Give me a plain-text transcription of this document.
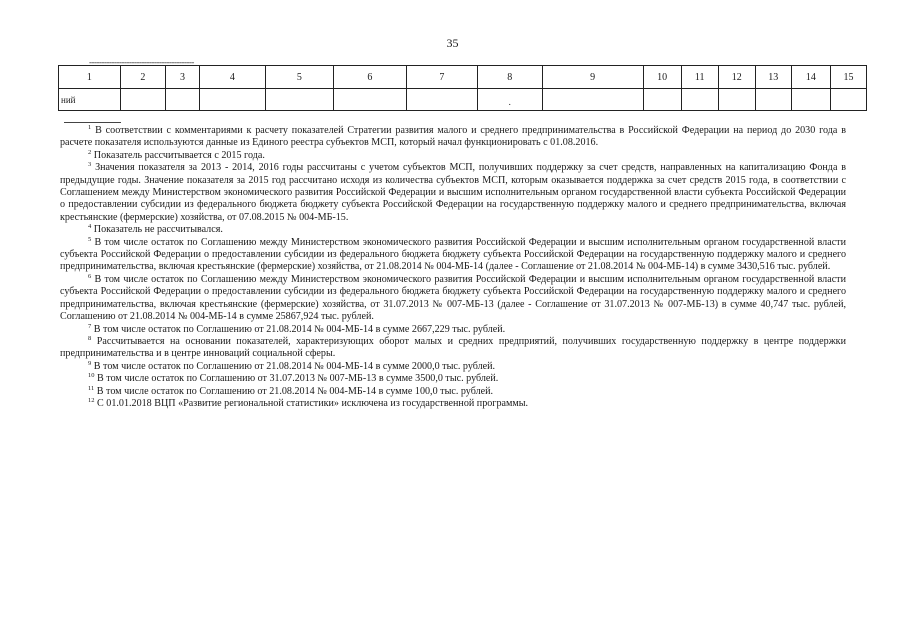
35
------------------------------------------
1	2	3	4	5	6	7	8	9	10	11	12	13	14	15
ний							.							

$^1$ В соответствии с комментариями к расчету показателей Стратегии развития малого и среднего предпринимательства в Российской Федерации на период до 2030 года в расчете показателя используются данные из Единого реестра субъектов МСП, который начал функционировать с 01.08.2016.

$^2$ Показатель рассчитывается с 2015 года.

$^3$ Значения показателя за 2013 - 2014, 2016 годы рассчитаны с учетом субъектов МСП, получивших поддержку за счет средств, направленных на капитализацию Фонда в предыдущие годы. Значение показателя за 2015 год рассчитано исходя из количества субъектов МСП, которым оказывается поддержка за счет средств 2015 года, в соответствии с Соглашением между Министерством экономического развития Российской Федерации и высшим исполнительным органом государственной власти субъекта Российской Федерации о предоставлении субсидии из федерального бюджета бюджету субъекта Российской Федерации на государственную поддержку малого и среднего предпринимательства, включая крестьянские (фермерские) хозяйства, от 07.08.2015 № 004-МБ-15.

$^4$ Показатель не рассчитывался.

$^5$ В том числе остаток по Соглашению между Министерством экономического развития Российской Федерации и высшим исполнительным органом государственной власти субъекта Российской Федерации о предоставлении субсидии из федерального бюджета бюджету субъекта Российской Федерации на государственную поддержку малого и среднего предпринимательства, включая крестьянские (фермерские) хозяйства, от 21.08.2014 № 004-МБ-14 (далее - Соглашение от 21.08.2014 № 004-МБ-14) в сумме 3430,516 тыс. рублей.

$^6$ В том числе остаток по Соглашению между Министерством экономического развития Российской Федерации и высшим исполнительным органом государственной власти субъекта Российской Федерации о предоставлении субсидии из федерального бюджета бюджету субъекта Российской Федерации на государственную поддержку малого и среднего предпринимательства, включая крестьянские (фермерские) хозяйства, от 31.07.2013 № 007-МБ-13 (далее - Соглашение от 31.07.2013 № 007-МБ-13) в сумме 40,747 тыс. рублей, Соглашению от 21.08.2014 № 004-МБ-14 в сумме 25867,924 тыс. рублей.

$^7$ В том числе остаток по Соглашению от 21.08.2014 № 004-МБ-14 в сумме 2667,229 тыс. рублей.

$^8$ Рассчитывается на основании показателей, характеризующих оборот малых и средних предприятий, получивших государственную поддержку в центре поддержки предпринимательства и в центре инноваций социальной сферы.

$^9$ В том числе остаток по Соглашению от 21.08.2014 № 004-МБ-14 в сумме 2000,0 тыс. рублей.

$^{10}$ В том числе остаток по Соглашению от 31.07.2013 № 007-МБ-13 в сумме 3500,0 тыс. рублей.

$^{11}$ В том числе остаток по Соглашению от 21.08.2014 № 004-МБ-14 в сумме 100,0 тыс. рублей.

$^{12}$ С 01.01.2018 ВЦП «Развитие региональной статистики» исключена из государственной программы.
